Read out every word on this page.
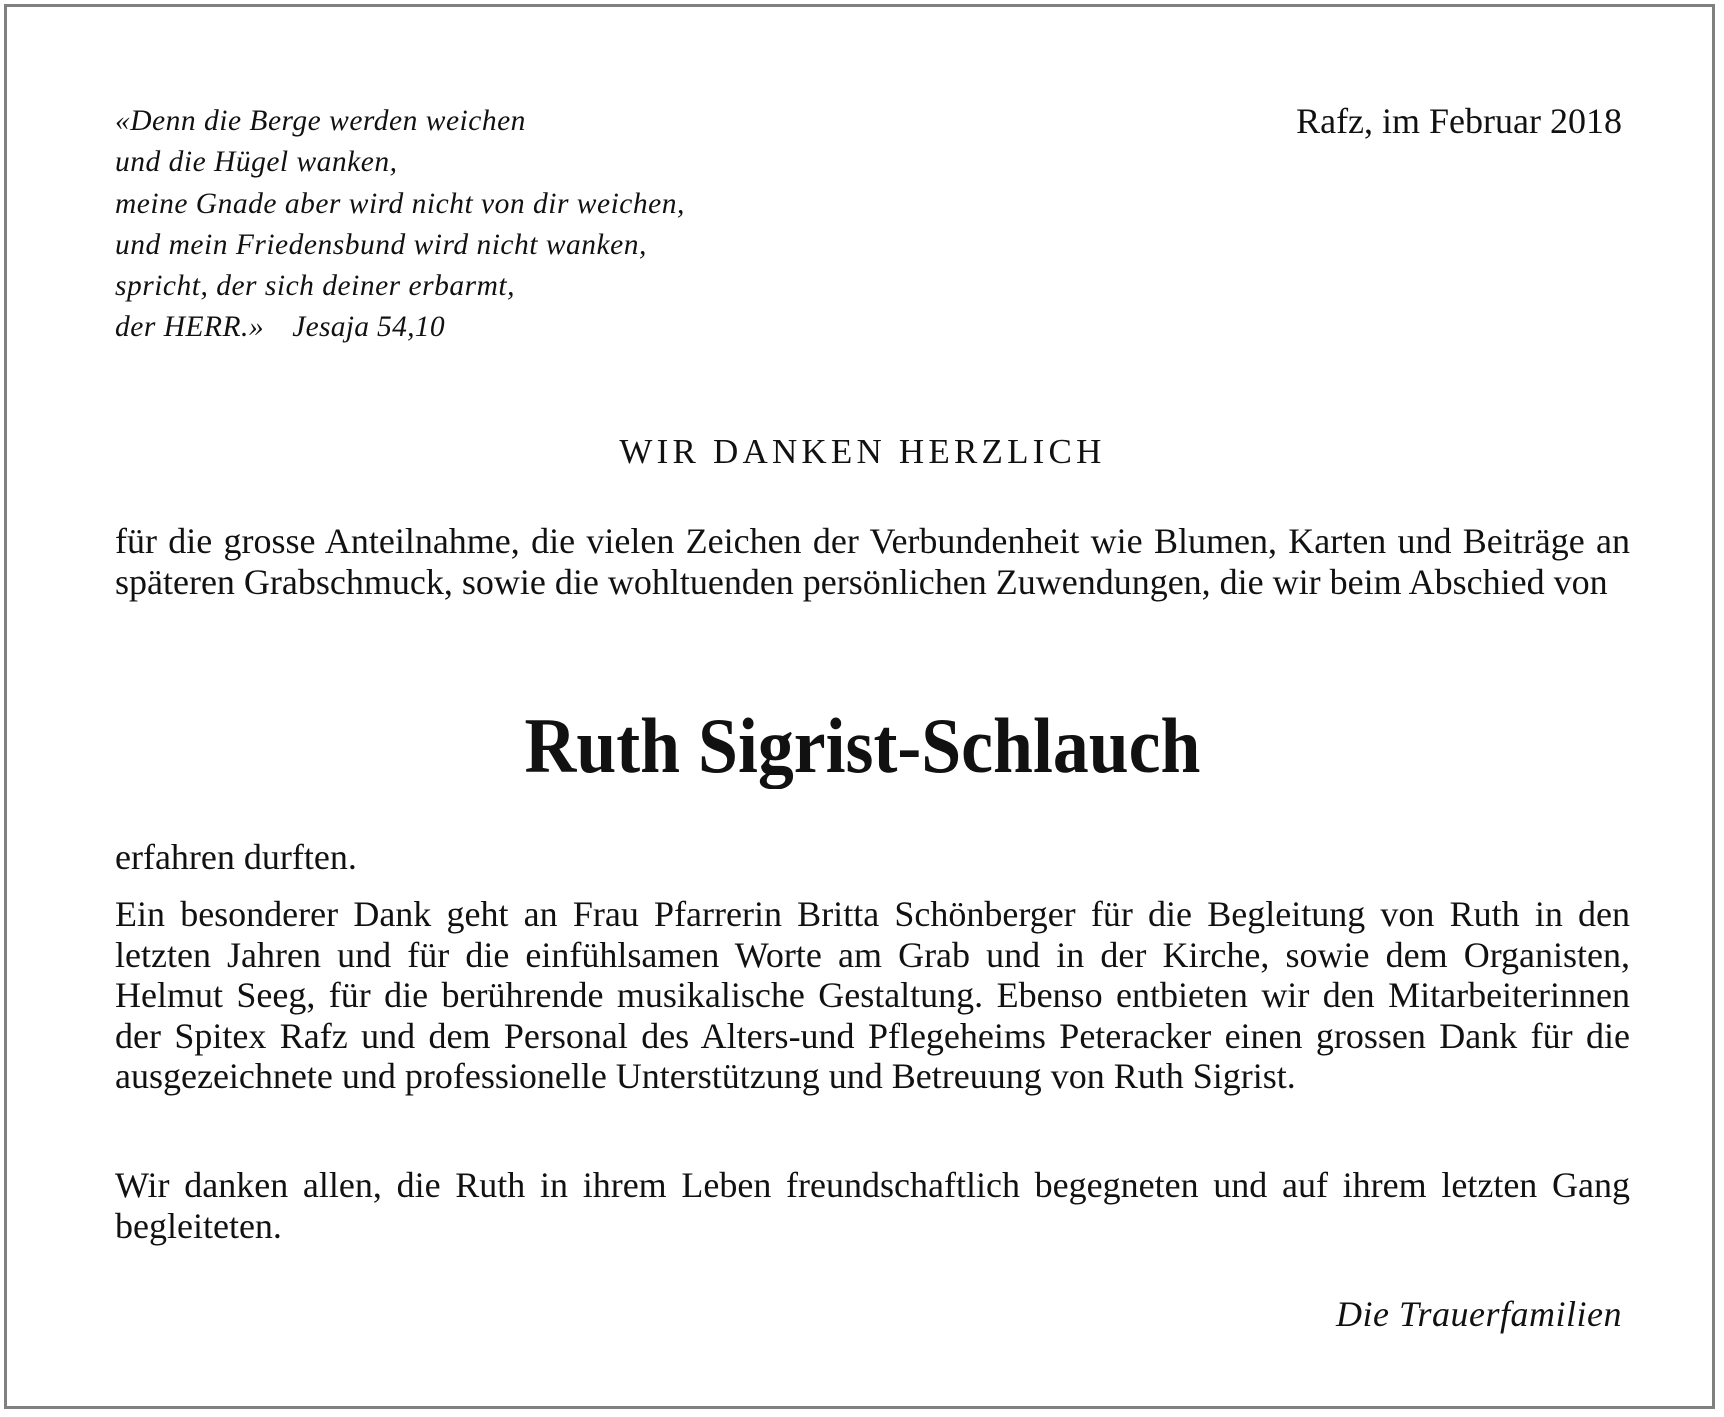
«Denn die Berge werden weichen
und die Hügel wanken,
meine Gnade aber wird nicht von dir weichen,
und mein Friedensbund wird nicht wanken,
spricht, der sich deiner erbarmt,
der HERR.» Jesaja 54,10
Rafz, im Februar 2018
WIR DANKEN HERZLICH

für die grosse Anteilnahme, die vielen Zeichen der Verbundenheit wie Blumen, Karten und Beiträge an späteren Grabschmuck, sowie die wohltuenden persönlichen Zuwendungen, die wir beim Abschied von

Ruth Sigrist-Schlauch

erfahren durften.

Ein besonderer Dank geht an Frau Pfarrerin Britta Schönberger für die Begleitung von Ruth in den letzten Jahren und für die einfühlsamen Worte am Grab und in der Kirche, sowie dem Organisten, Helmut Seeg, für die berührende musikalische Gestaltung. Ebenso entbieten wir den Mitarbeiterinnen der Spitex Rafz und dem Personal des Alters-und Pflegeheims Peteracker einen grossen Dank für die ausgezeichnete und professionelle Unterstützung und Betreuung von Ruth Sigrist.

Wir danken allen, die Ruth in ihrem Leben freundschaftlich begegneten und auf ihrem letzten Gang begleiteten.

Die Trauerfamilien
